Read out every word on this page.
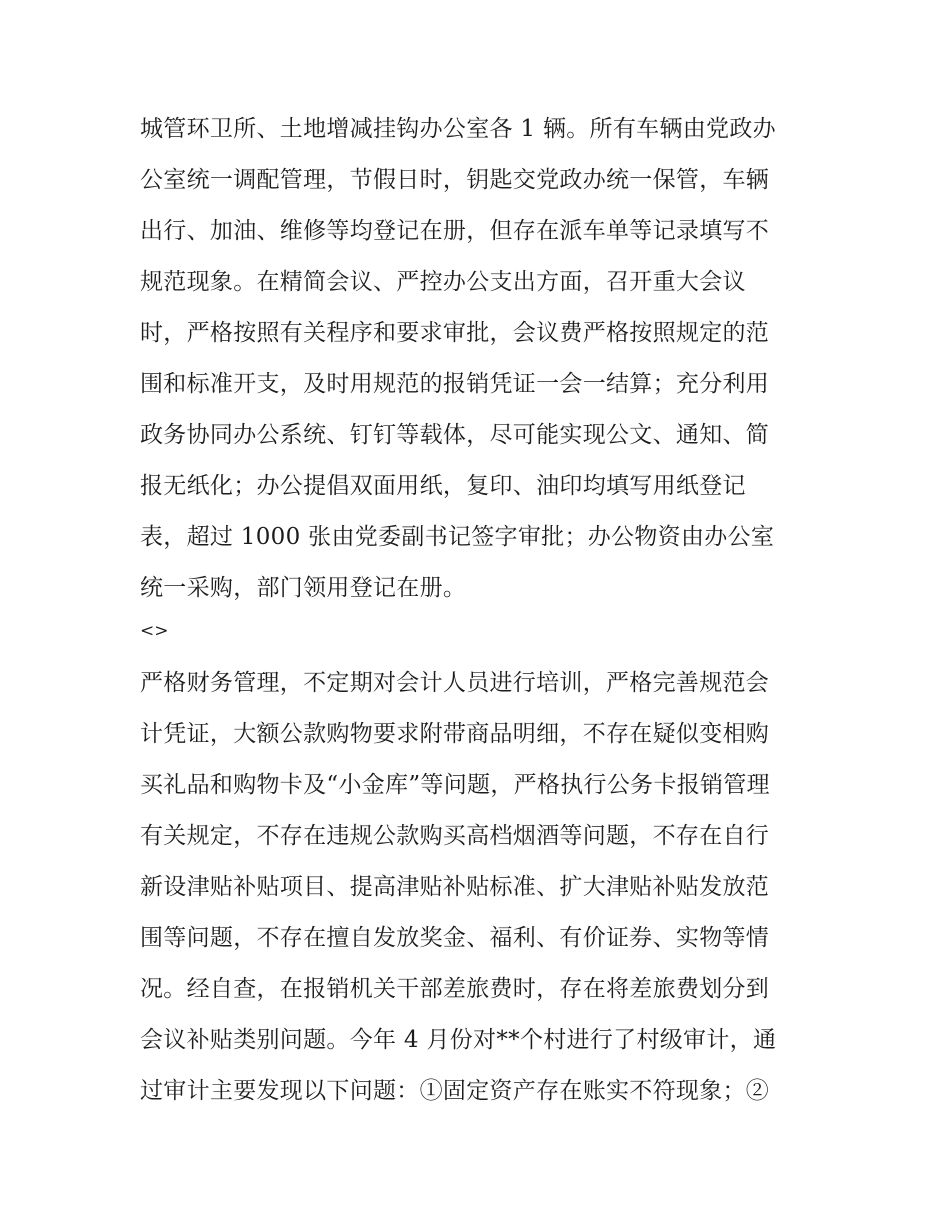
城管环卫所、土地增减挂钩办公室各 1 辆。所有车辆由党政办
公室统一调配管理，节假日时，钥匙交党政办统一保管，车辆
出行、加油、维修等均登记在册，但存在派车单等记录填写不
规范现象。在精简会议、严控办公支出方面，召开重大会议
时，严格按照有关程序和要求审批，会议费严格按照规定的范
围和标准开支，及时用规范的报销凭证一会一结算；充分利用
政务协同办公系统、钉钉等载体，尽可能实现公文、通知、简
报无纸化；办公提倡双面用纸，复印、油印均填写用纸登记
表，超过 1000 张由党委副书记签字审批；办公物资由办公室
统一采购，部门领用登记在册。
<>
严格财务管理，不定期对会计人员进行培训，严格完善规范会
计凭证，大额公款购物要求附带商品明细，不存在疑似变相购
买礼品和购物卡及“小金库”等问题，严格执行公务卡报销管理
有关规定，不存在违规公款购买高档烟酒等问题，不存在自行
新设津贴补贴项目、提高津贴补贴标准、扩大津贴补贴发放范
围等问题，不存在擅自发放奖金、福利、有价证券、实物等情
况。经自查，在报销机关干部差旅费时，存在将差旅费划分到
会议补贴类别问题。今年 4 月份对**个村进行了村级审计，通
过审计主要发现以下问题：①固定资产存在账实不符现象；②
